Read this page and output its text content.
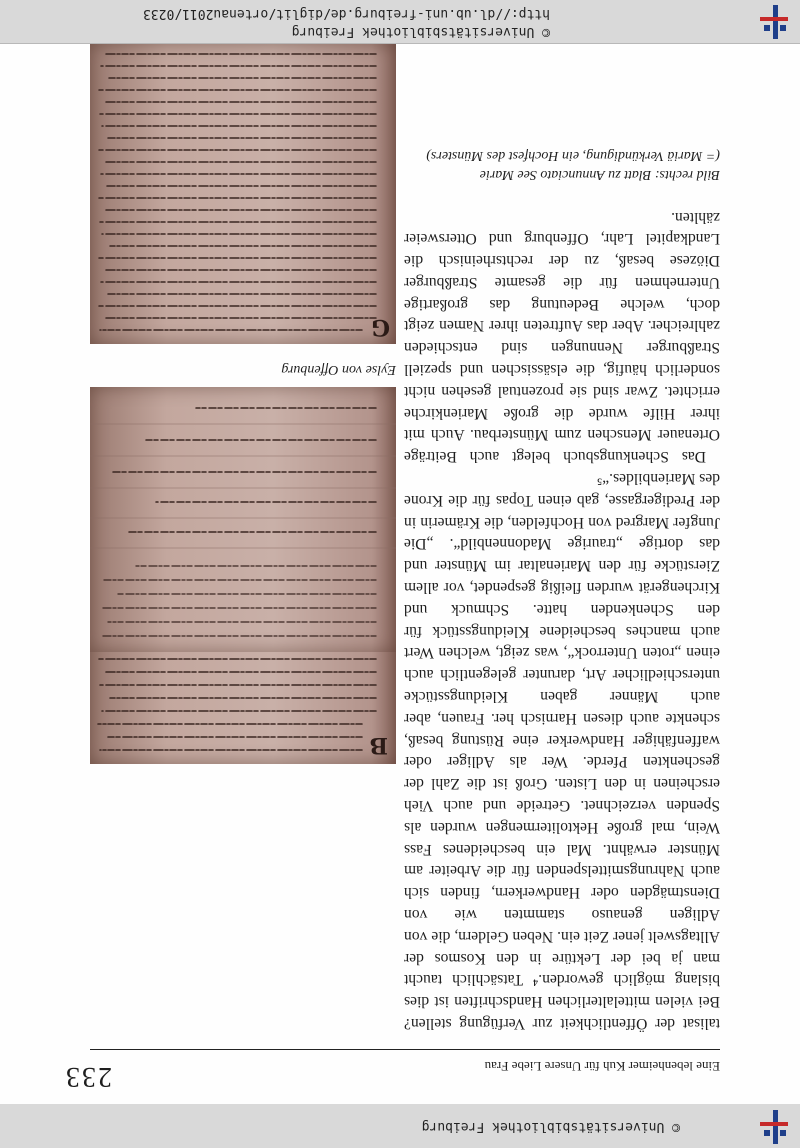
© Universitätsbibliothek Freiburg
Eine lebenheimer Kuh für Unsere Liebe Frau
233

talisat der Öffentlichkeit zur Verfügung stellen? Bei vielen mittelalterlichen Handschriften ist dies bislang möglich geworden.⁴ Tatsächlich taucht man ja bei der Lektüre in den Kosmos der Alltagswelt jener Zeit ein. Neben Geldern, die von Adligen genauso stammten wie von Dienstmägden oder Handwerkern, finden sich auch Nahrungsmittelspenden für die Arbeiter am Münster erwähnt. Mal ein bescheidenes Fass Wein, mal große Hektolitermengen wurden als Spenden verzeichnet. Getreide und auch Vieh erscheinen in den Listen. Groß ist die Zahl der geschenkten Pferde. Wer als Adliger oder waffenfähiger Handwerker eine Rüstung besaß, schenkte auch diesen Harnisch her. Frauen, aber auch Männer gaben Kleidungsstücke unterschiedlicher Art, darunter gelegentlich auch einen „roten Unterrock“, was zeigt, welchen Wert auch manches bescheidene Kleidungsstück für den Schenkenden hatte. Schmuck und Kirchengerät wurden fleißig gespendet, vor allem Zierstücke für den Marienaltar im Münster und das dortige „traurige Madonnenbild“. „Die Jungfer Margred von Hochfelden, die Krämerin in der Predigergasse, gab einen Topas für die Krone des Marienbildes.“⁵

Das Schenkungsbuch belegt auch Beiträge Ortenauer Menschen zum Münsterbau. Auch mit ihrer Hilfe wurde die große Marienkirche errichtet. Zwar sind sie prozentual gesehen nicht sonderlich häufig, die elsässischen und speziell Straßburger Nennungen sind entschieden zahlreicher. Aber das Auftreten ihrer Namen zeigt doch, welche Bedeutung das großartige Unternehmen für die gesamte Straßburger Diözese besaß, zu der rechtsrheinisch die Landkapitel Lahr, Offenburg und Ottersweier zählten.

Bild rechts: Blatt zu Annunciato See Marie

(= Mariä Verkündigung, ein Hochfest des Münsters)

B
Eylse von Offenburg
G
© Universitätsbibliothek Freiburg
http://dl.ub.uni-freiburg.de/diglit/ortenau2011/0233
